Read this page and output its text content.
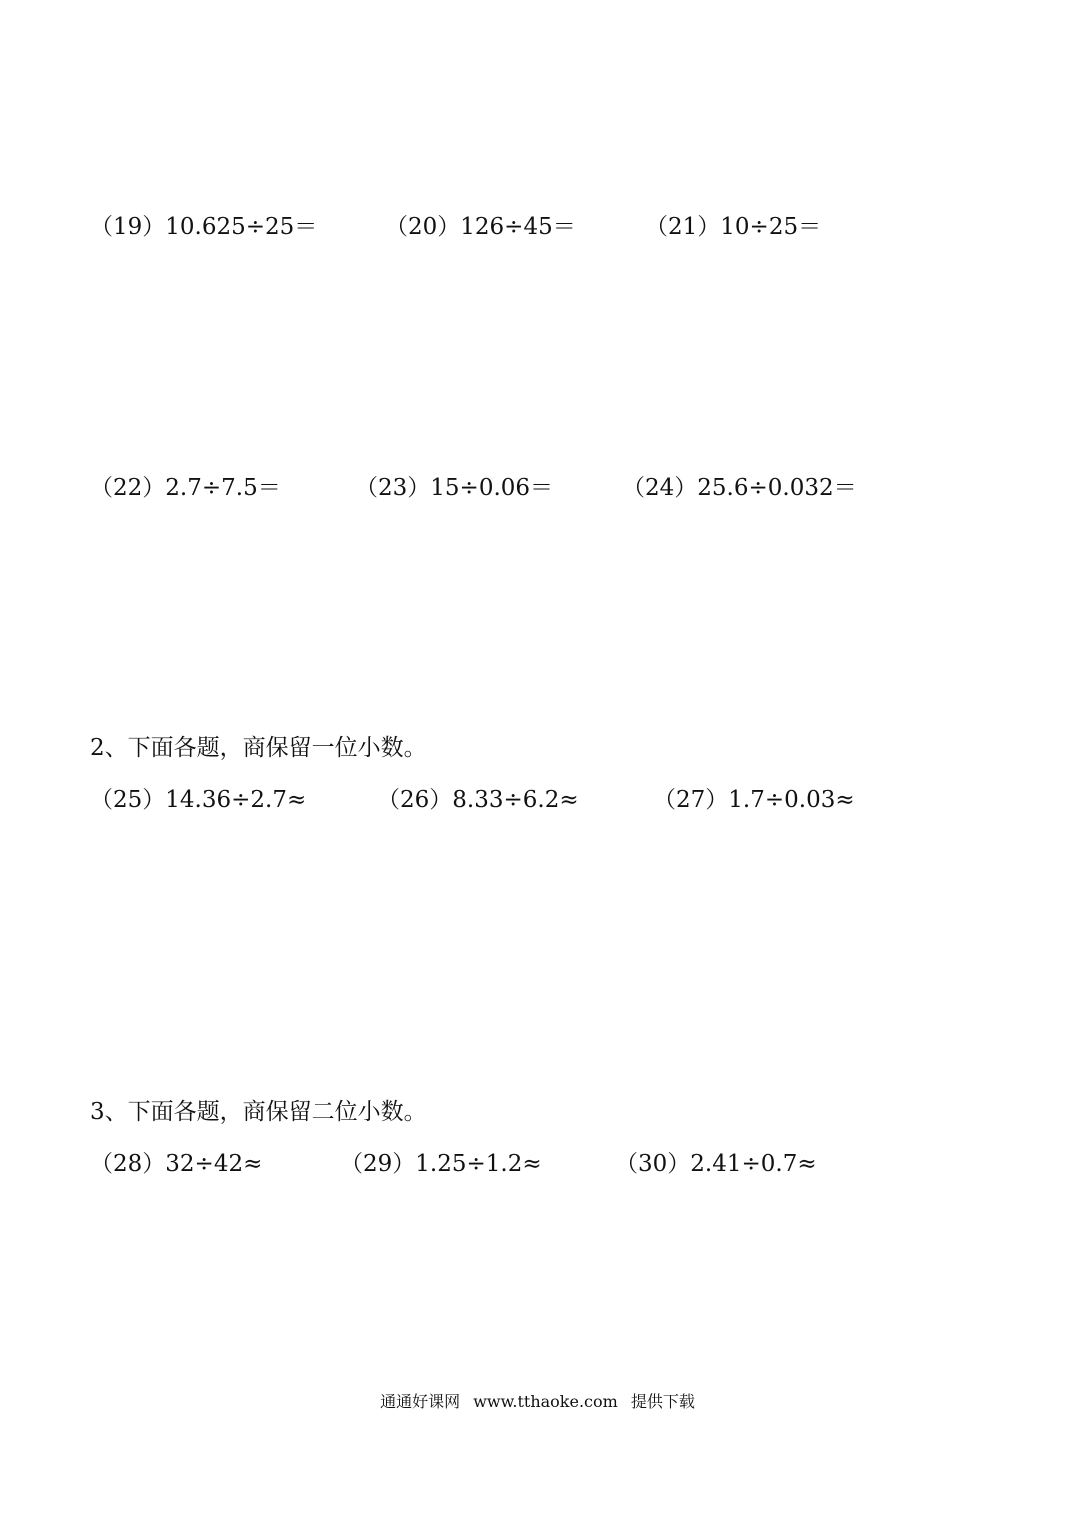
（19）10.625÷25＝	（20）126÷45＝	（21）10÷25＝
（22）2.7÷7.5＝	（23）15÷0.06＝	（24）25.6÷0.032＝
2、下面各题，商保留一位小数。
（25）14.36÷2.7≈	（26）8.33÷6.2≈	（27）1.7÷0.03≈
3、下面各题，商保留二位小数。
（28）32÷42≈	（29）1.25÷1.2≈	（30）2.41÷0.7≈
通通好课网 www.tthaoke.com 提供下载
